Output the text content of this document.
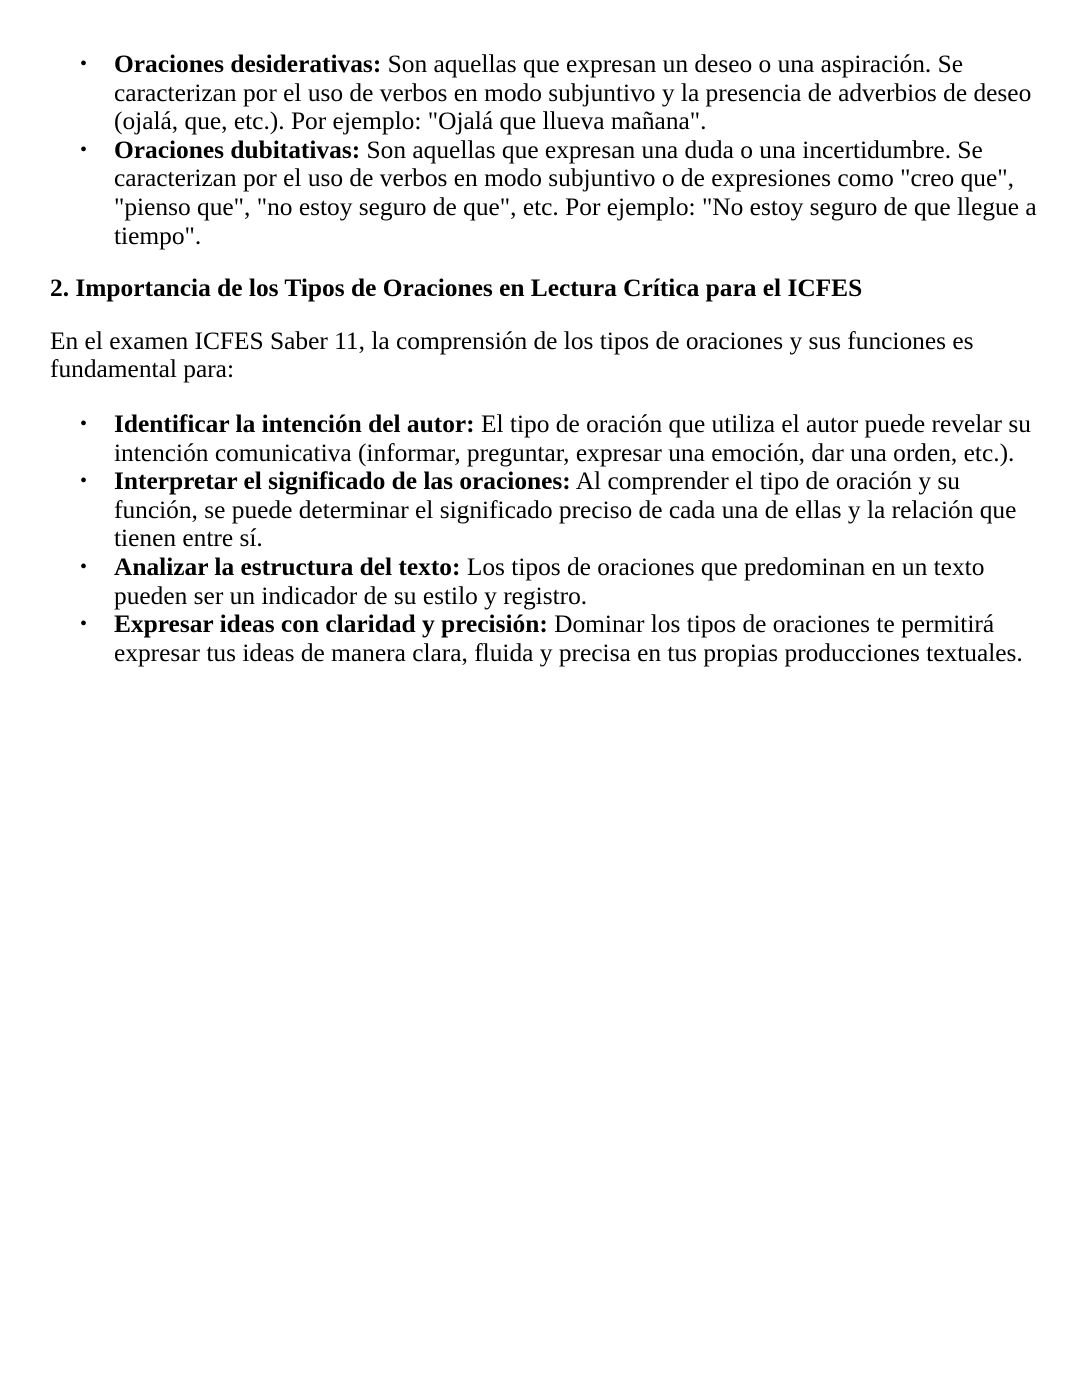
•
Oraciones desiderativas: Son aquellas que expresan un deseo o una aspiración. Se caracterizan por el uso de verbos en modo subjuntivo y la presencia de adverbios de deseo (ojalá, que, etc.). Por ejemplo: "Ojalá que llueva mañana".
•
Oraciones dubitativas: Son aquellas que expresan una duda o una incertidumbre. Se caracterizan por el uso de verbos en modo subjuntivo o de expresiones como "creo que", "pienso que", "no estoy seguro de que", etc. Por ejemplo: "No estoy seguro de que llegue a tiempo".
2. Importancia de los Tipos de Oraciones en Lectura Crítica para el ICFES
En el examen ICFES Saber 11, la comprensión de los tipos de oraciones y sus funciones es fundamental para:
•
Identificar la intención del autor: El tipo de oración que utiliza el autor puede revelar su intención comunicativa (informar, preguntar, expresar una emoción, dar una orden, etc.).
•
Interpretar el significado de las oraciones: Al comprender el tipo de oración y su función, se puede determinar el significado preciso de cada una de ellas y la relación que tienen entre sí.
•
Analizar la estructura del texto: Los tipos de oraciones que predominan en un texto pueden ser un indicador de su estilo y registro.
•
Expresar ideas con claridad y precisión: Dominar los tipos de oraciones te permitirá expresar tus ideas de manera clara, fluida y precisa en tus propias producciones textuales.
